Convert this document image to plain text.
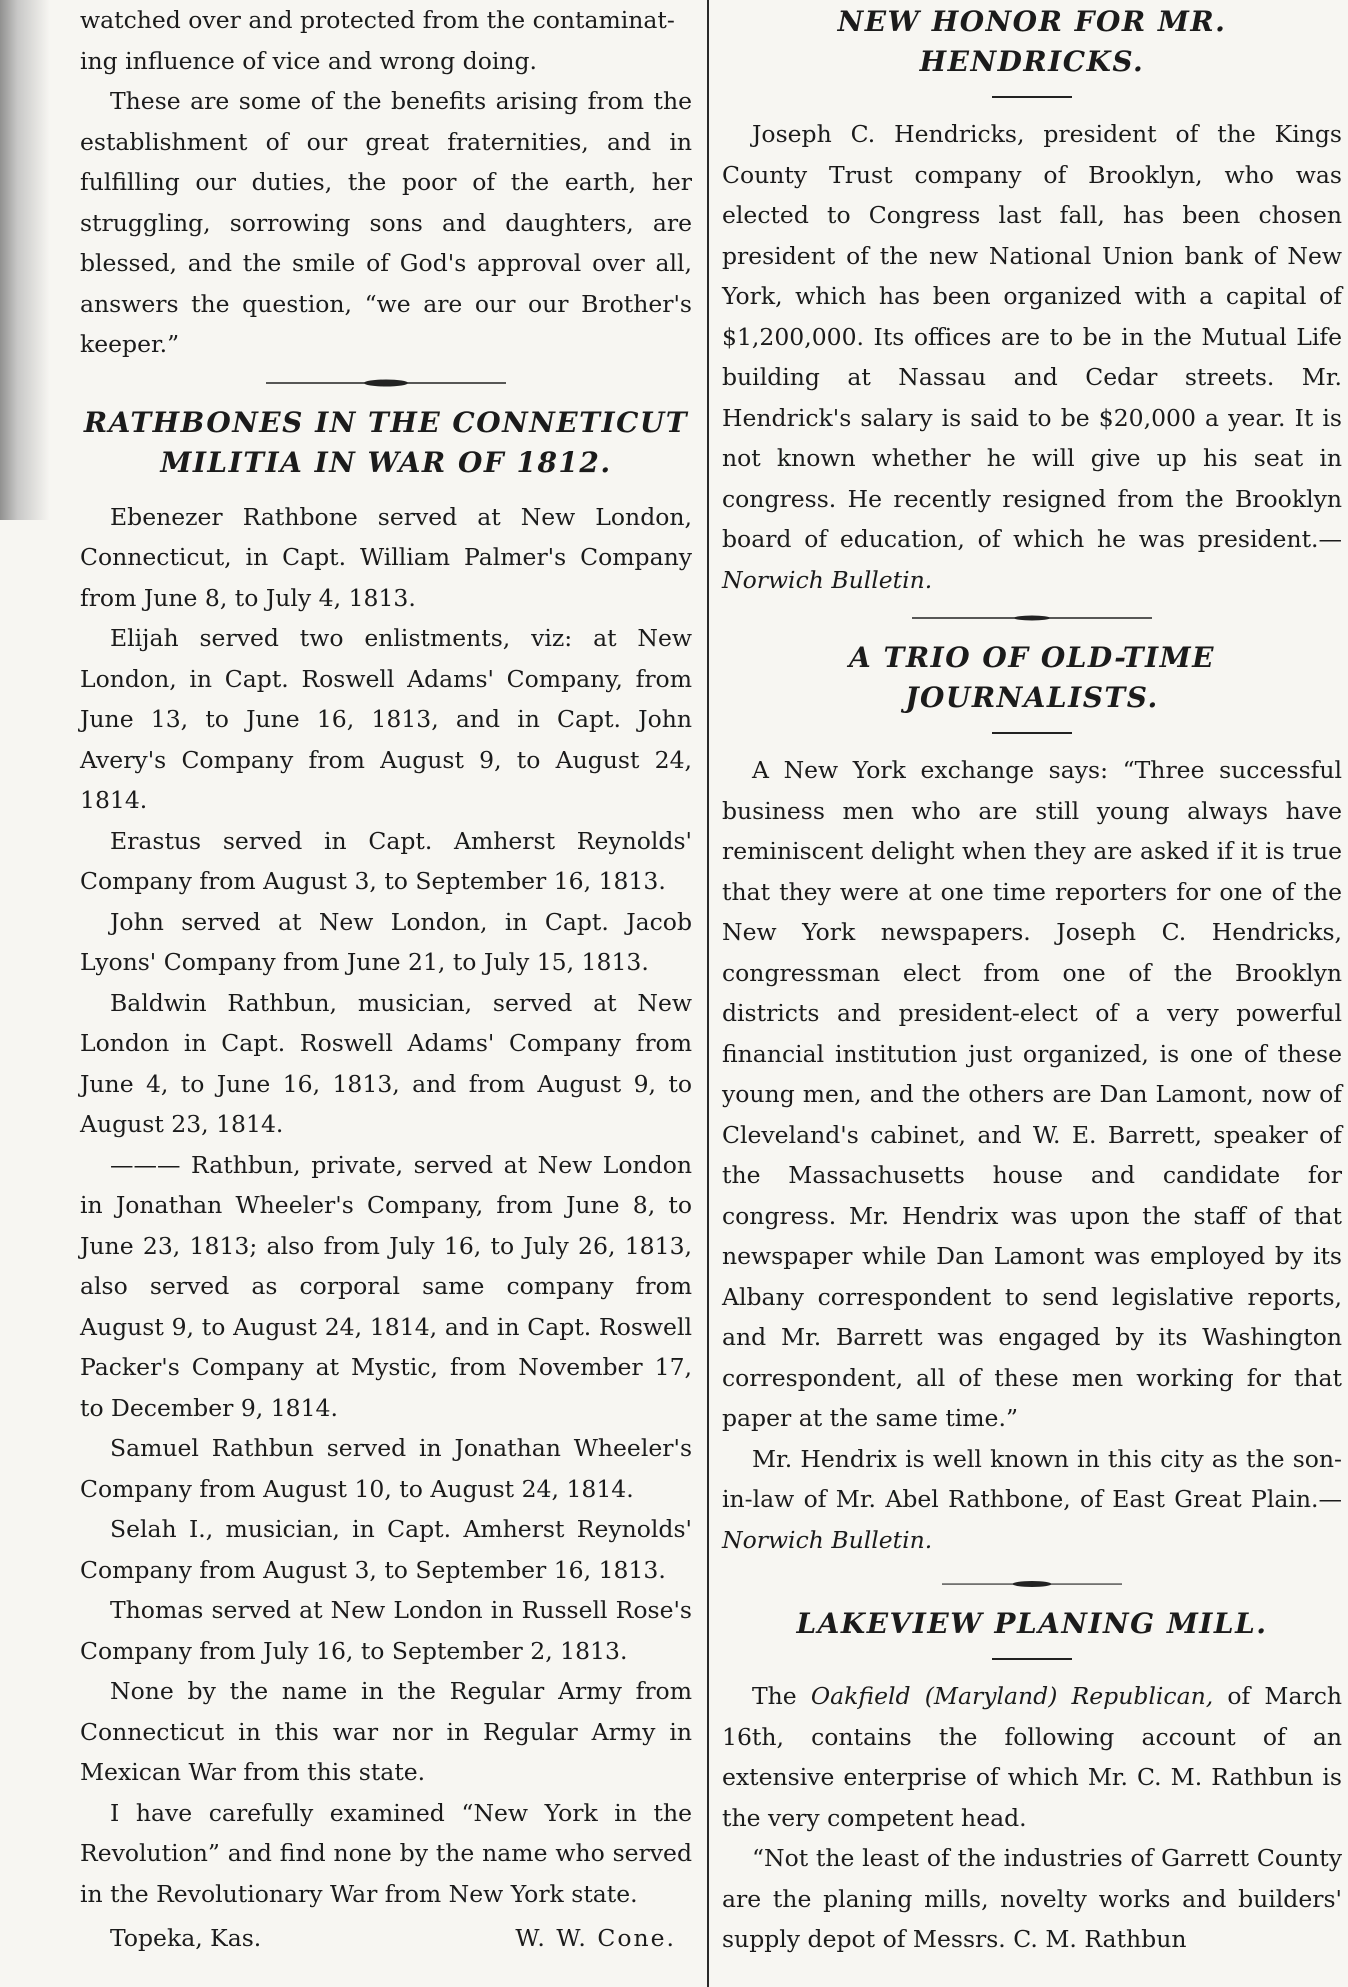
watched over and protected from the contaminat-

ing influence of vice and wrong doing.

These are some of the benefits arising from the establishment of our great fraternities, and in fulfilling our duties, the poor of the earth, her struggling, sorrowing sons and daughters, are blessed, and the smile of God's approval over all, answers the question, “we are our our Brother's keeper.”

RATHBONES IN THE CONNETICUT
MILITIA IN WAR OF 1812.

Ebenezer Rathbone served at New London, Connecticut, in Capt. William Palmer's Company from June 8, to July 4, 1813.

Elijah served two enlistments, viz: at New London, in Capt. Roswell Adams' Company, from June 13, to June 16, 1813, and in Capt. John Avery's Company from August 9, to August 24, 1814.

Erastus served in Capt. Amherst Reynolds' Company from August 3, to September 16, 1813.

John served at New London, in Capt. Jacob Lyons' Company from June 21, to July 15, 1813.

Baldwin Rathbun, musician, served at New London in Capt. Roswell Adams' Company from June 4, to June 16, 1813, and from August 9, to August 23, 1814.

——— Rathbun, private, served at New London in Jonathan Wheeler's Company, from June 8, to June 23, 1813; also from July 16, to July 26, 1813, also served as corporal same company from August 9, to August 24, 1814, and in Capt. Roswell Packer's Company at Mystic, from November 17, to December 9, 1814.

Samuel Rathbun served in Jonathan Wheeler's Company from August 10, to August 24, 1814.

Selah I., musician, in Capt. Amherst Reynolds' Company from August 3, to September 16, 1813.

Thomas served at New London in Russell Rose's Company from July 16, to September 2, 1813.

None by the name in the Regular Army from Connecticut in this war nor in Regular Army in Mexican War from this state.

I have carefully examined “New York in the Revolution” and find none by the name who served in the Revolutionary War from New York state.

Topeka, Kas.	W. W. Cone.
NEW HONOR FOR MR. HENDRICKS.

Joseph C. Hendricks, president of the Kings County Trust company of Brooklyn, who was elected to Congress last fall, has been chosen president of the new National Union bank of New York, which has been organized with a capital of $1,200,000. Its offices are to be in the Mutual Life building at Nassau and Cedar streets. Mr. Hendrick's salary is said to be $20,000 a year. It is not known whether he will give up his seat in congress. He recently resigned from the Brooklyn board of education, of which he was president.—Norwich Bulletin.

A TRIO OF OLD-TIME JOURNALISTS.

A New York exchange says: “Three successful business men who are still young always have reminiscent delight when they are asked if it is true that they were at one time reporters for one of the New York newspapers. Joseph C. Hendricks, congressman elect from one of the Brooklyn districts and president-elect of a very powerful financial institution just organized, is one of these young men, and the others are Dan Lamont, now of Cleveland's cabinet, and W. E. Barrett, speaker of the Massachusetts house and candidate for congress. Mr. Hendrix was upon the staff of that newspaper while Dan Lamont was employed by its Albany correspondent to send legislative reports, and Mr. Barrett was engaged by its Washington correspondent, all of these men working for that paper at the same time.”

Mr. Hendrix is well known in this city as the son-in-law of Mr. Abel Rathbone, of East Great Plain.—Norwich Bulletin.

LAKEVIEW PLANING MILL.

The Oakfield (Maryland) Republican, of March 16th, contains the following account of an extensive enterprise of which Mr. C. M. Rathbun is the very competent head.

“Not the least of the industries of Garrett County are the planing mills, novelty works and builders' supply depot of Messrs. C. M. Rathbun
